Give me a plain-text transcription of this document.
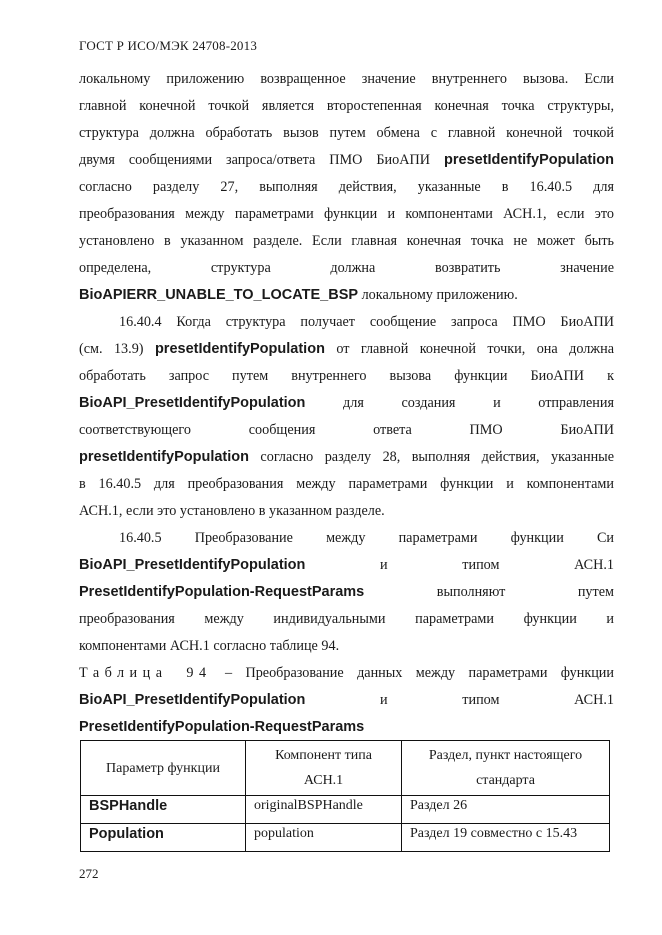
ГОСТ Р ИСО/МЭК 24708-2013
локальному приложению возвращенное значение внутреннего вызова. Если
главной конечной точкой является второстепенная конечная точка структуры,
структура должна обработать вызов путем обмена с главной конечной точкой
двумя сообщениями запроса/ответа ПМО БиоАПИ presetIdentifyPopulation
согласно разделу 27, выполняя действия, указанные в 16.40.5 для
преобразования между параметрами функции и компонентами АСН.1, если это
установлено в указанном разделе. Если главная конечная точка не может быть
определена, структура должна возвратить значение
BioAPIERR_UNABLE_TO_LOCATE_BSP локальному приложению.
16.40.4 Когда структура получает сообщение запроса ПМО БиоАПИ
(см. 13.9) presetIdentifyPopulation от главной конечной точки, она должна
обработать запрос путем внутреннего вызова функции БиоАПИ к
BioAPI_PresetIdentifyPopulation для создания и отправления
соответствующего сообщения ответа ПМО БиоАПИ
presetIdentifyPopulation согласно разделу 28, выполняя действия, указанные
в 16.40.5 для преобразования между параметрами функции и компонентами
АСН.1, если это установлено в указанном разделе.
16.40.5 Преобразование между параметрами функции Си
BioAPI_PresetIdentifyPopulation и типом АСН.1
PresetIdentifyPopulation-RequestParams выполняют путем
преобразования между индивидуальными параметрами функции и
компонентами АСН.1 согласно таблице 94.
Таблица 94 – Преобразование данных между параметрами функции
BioAPI_PresetIdentifyPopulation и типом АСН.1
PresetIdentifyPopulation-RequestParams
Параметр функции	Компонент типа АСН.1	Раздел, пункт настоящего стандарта
BSPHandle	originalBSPHandle	Раздел 26
Population	population	Раздел 19 совместно с 15.43
272
